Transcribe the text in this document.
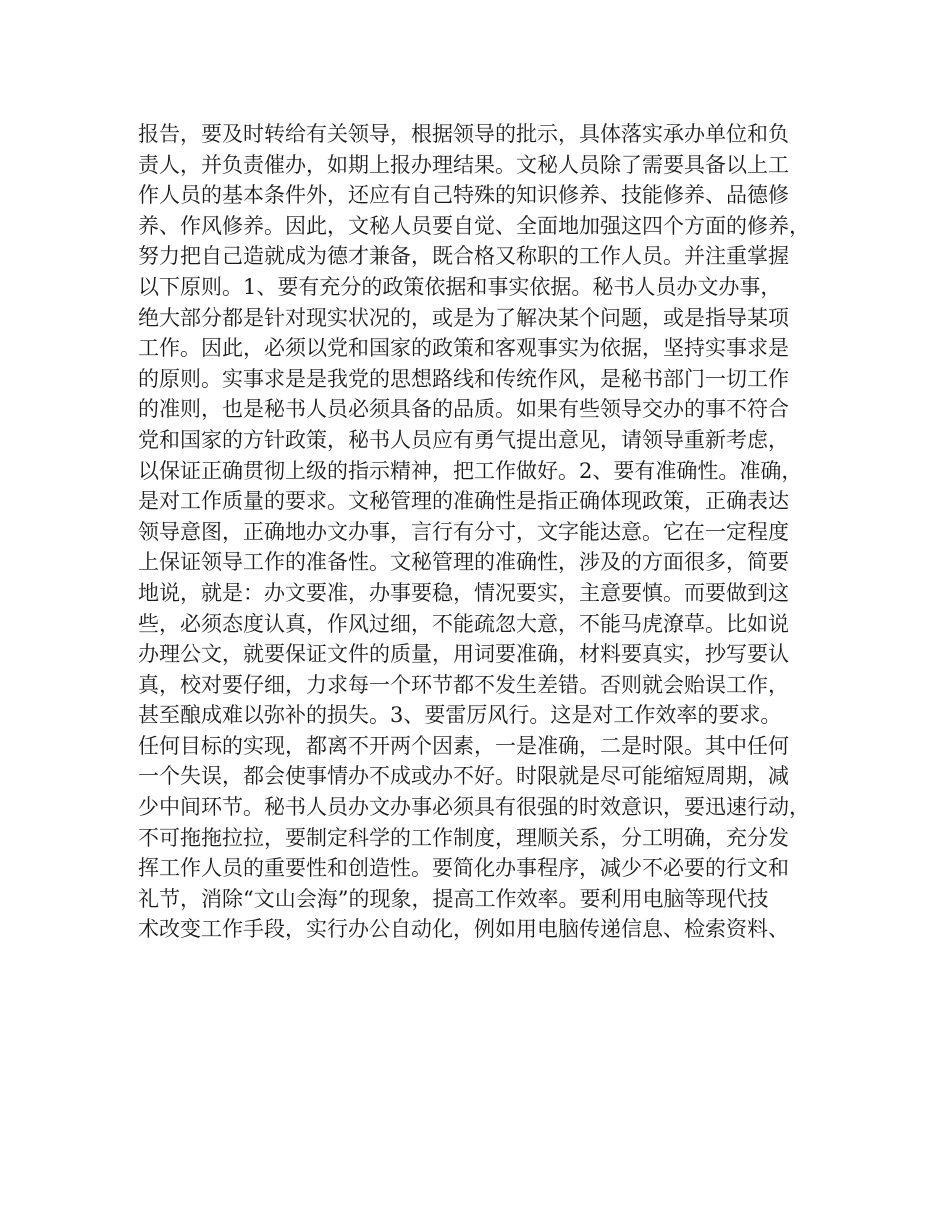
报告，要及时转给有关领导，根据领导的批示，具体落实承办单位和负
责人，并负责催办，如期上报办理结果。文秘人员除了需要具备以上工
作人员的基本条件外，还应有自己特殊的知识修养、技能修养、品德修
养、作风修养。因此，文秘人员要自觉、全面地加强这四个方面的修养，
努力把自己造就成为德才兼备，既合格又称职的工作人员。并注重掌握
以下原则。1、要有充分的政策依据和事实依据。秘书人员办文办事，
绝大部分都是针对现实状况的，或是为了解决某个问题，或是指导某项
工作。因此，必须以党和国家的政策和客观事实为依据，坚持实事求是
的原则。实事求是是我党的思想路线和传统作风，是秘书部门一切工作
的准则，也是秘书人员必须具备的品质。如果有些领导交办的事不符合
党和国家的方针政策，秘书人员应有勇气提出意见，请领导重新考虑，
以保证正确贯彻上级的指示精神，把工作做好。2、要有准确性。准确，
是对工作质量的要求。文秘管理的准确性是指正确体现政策，正确表达
领导意图，正确地办文办事，言行有分寸，文字能达意。它在一定程度
上保证领导工作的准备性。文秘管理的准确性，涉及的方面很多，简要
地说，就是：办文要准，办事要稳，情况要实，主意要慎。而要做到这
些，必须态度认真，作风过细，不能疏忽大意，不能马虎潦草。比如说
办理公文，就要保证文件的质量，用词要准确，材料要真实，抄写要认
真，校对要仔细，力求每一个环节都不发生差错。否则就会贻误工作，
甚至酿成难以弥补的损失。3、要雷厉风行。这是对工作效率的要求。
任何目标的实现，都离不开两个因素，一是准确，二是时限。其中任何
一个失误，都会使事情办不成或办不好。时限就是尽可能缩短周期，减
少中间环节。秘书人员办文办事必须具有很强的时效意识，要迅速行动，
不可拖拖拉拉，要制定科学的工作制度，理顺关系，分工明确，充分发
挥工作人员的重要性和创造性。要简化办事程序，减少不必要的行文和
礼节，消除“文山会海”的现象，提高工作效率。要利用电脑等现代技
术改变工作手段，实行办公自动化，例如用电脑传递信息、检索资料、
